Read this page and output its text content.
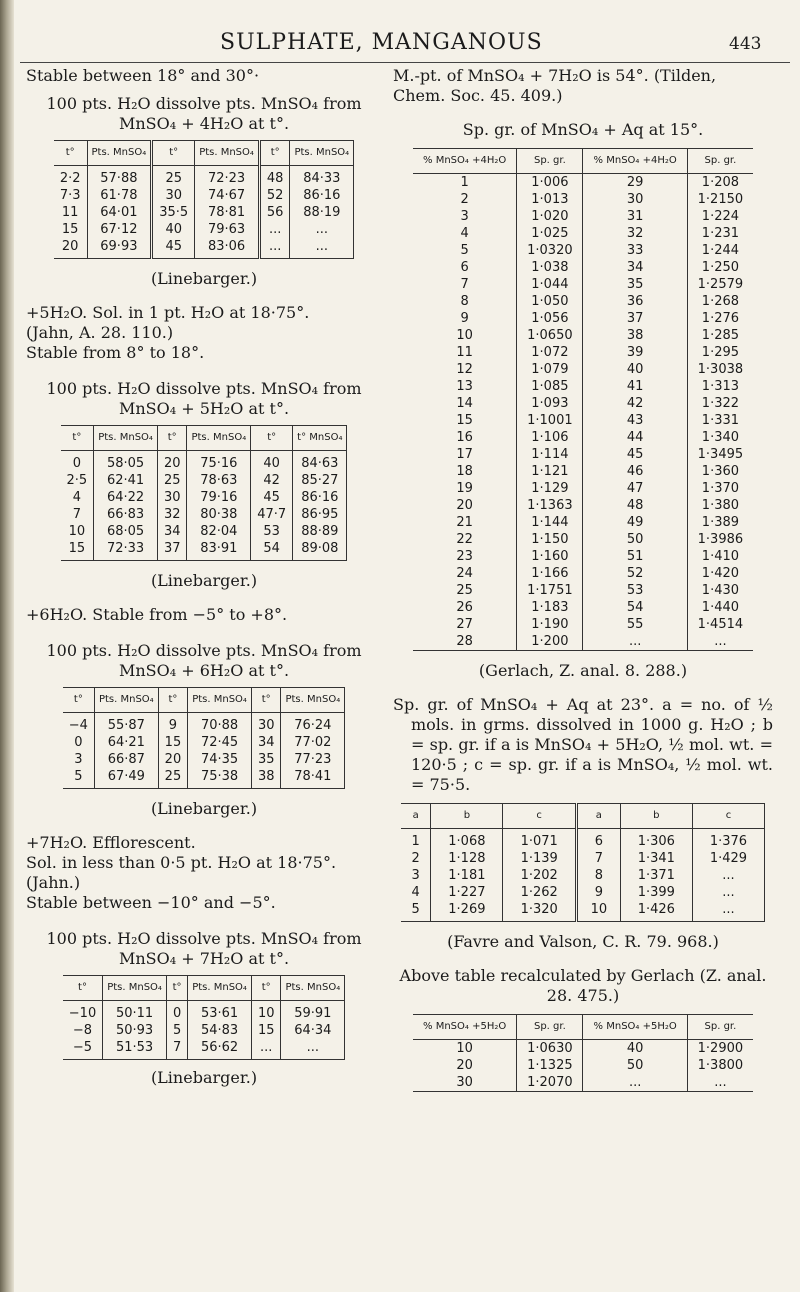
SULPHATE, MANGANOUS	443

Stable between 18° and 30°·

100 pts. H₂O dissolve pts. MnSO₄ from
MnSO₄ + 4H₂O at t°.
t°	Pts. MnSO₄	t°	Pts. MnSO₄	t°	Pts. MnSO₄
2·2	57·88	25	72·23	48	84·33
7·3	61·78	30	74·67	52	86·16
11	64·01	35·5	78·81	56	88·19
15	67·12	40	79·63	...	...
20	69·93	45	83·06	...	...
(Linebarger.)
+5H₂O. Sol. in 1 pt. H₂O at 18·75°.
(Jahn, A. 28. 110.)
Stable from 8° to 18°.
100 pts. H₂O dissolve pts. MnSO₄ from
MnSO₄ + 5H₂O at t°.
t°	Pts. MnSO₄	t°	Pts. MnSO₄	t°	t° MnSO₄
0	58·05	20	75·16	40	84·63
2·5	62·41	25	78·63	42	85·27
4	64·22	30	79·16	45	86·16
7	66·83	32	80·38	47·7	86·95
10	68·05	34	82·04	53	88·89
15	72·33	37	83·91	54	89·08
(Linebarger.)
+6H₂O. Stable from −5° to +8°.
100 pts. H₂O dissolve pts. MnSO₄ from
MnSO₄ + 6H₂O at t°.
t°	Pts. MnSO₄	t°	Pts. MnSO₄	t°	Pts. MnSO₄
−4	55·87	9	70·88	30	76·24
0	64·21	15	72·45	34	77·02
3	66·87	20	74·35	35	77·23
5	67·49	25	75·38	38	78·41
(Linebarger.)
+7H₂O. Efflorescent.
Sol. in less than 0·5 pt. H₂O at 18·75°.
(Jahn.)
Stable between −10° and −5°.
100 pts. H₂O dissolve pts. MnSO₄ from
MnSO₄ + 7H₂O at t°.
t°	Pts. MnSO₄	t°	Pts. MnSO₄	t°	Pts. MnSO₄
−10	50·11	0	53·61	10	59·91
−8	50·93	5	54·83	15	64·34
−5	51·53	7	56·62	...	...
(Linebarger.)
M.-pt. of MnSO₄ + 7H₂O is 54°. (Tilden,
Chem. Soc. 45. 409.)
Sp. gr. of MnSO₄ + Aq at 15°.
% MnSO₄ +4H₂O	Sp. gr.	% MnSO₄ +4H₂O	Sp. gr.
1	1·006	29	1·208
2	1·013	30	1·2150
3	1·020	31	1·224
4	1·025	32	1·231
5	1·0320	33	1·244
6	1·038	34	1·250
7	1·044	35	1·2579
8	1·050	36	1·268
9	1·056	37	1·276
10	1·0650	38	1·285
11	1·072	39	1·295
12	1·079	40	1·3038
13	1·085	41	1·313
14	1·093	42	1·322
15	1·1001	43	1·331
16	1·106	44	1·340
17	1·114	45	1·3495
18	1·121	46	1·360
19	1·129	47	1·370
20	1·1363	48	1·380
21	1·144	49	1·389
22	1·150	50	1·3986
23	1·160	51	1·410
24	1·166	52	1·420
25	1·1751	53	1·430
26	1·183	54	1·440
27	1·190	55	1·4514
28	1·200	...	...
(Gerlach, Z. anal. 8. 288.)

Sp. gr. of MnSO₄ + Aq at 23°. a = no. of ½ mols. in grms. dissolved in 1000 g. H₂O ; b = sp. gr. if a is MnSO₄ + 5H₂O, ½ mol. wt. = 120·5 ; c = sp. gr. if a is MnSO₄, ½ mol. wt. = 75·5.

a	b	c	a	b	c
1	1·068	1·071	6	1·306	1·376
2	1·128	1·139	7	1·341	1·429
3	1·181	1·202	8	1·371	...
4	1·227	1·262	9	1·399	...
5	1·269	1·320	10	1·426	...
(Favre and Valson, C. R. 79. 968.)
Above table recalculated by Gerlach (Z. anal.
28. 475.)
% MnSO₄ +5H₂O	Sp. gr.	% MnSO₄ +5H₂O	Sp. gr.
10	1·0630	40	1·2900
20	1·1325	50	1·3800
30	1·2070	...	...
